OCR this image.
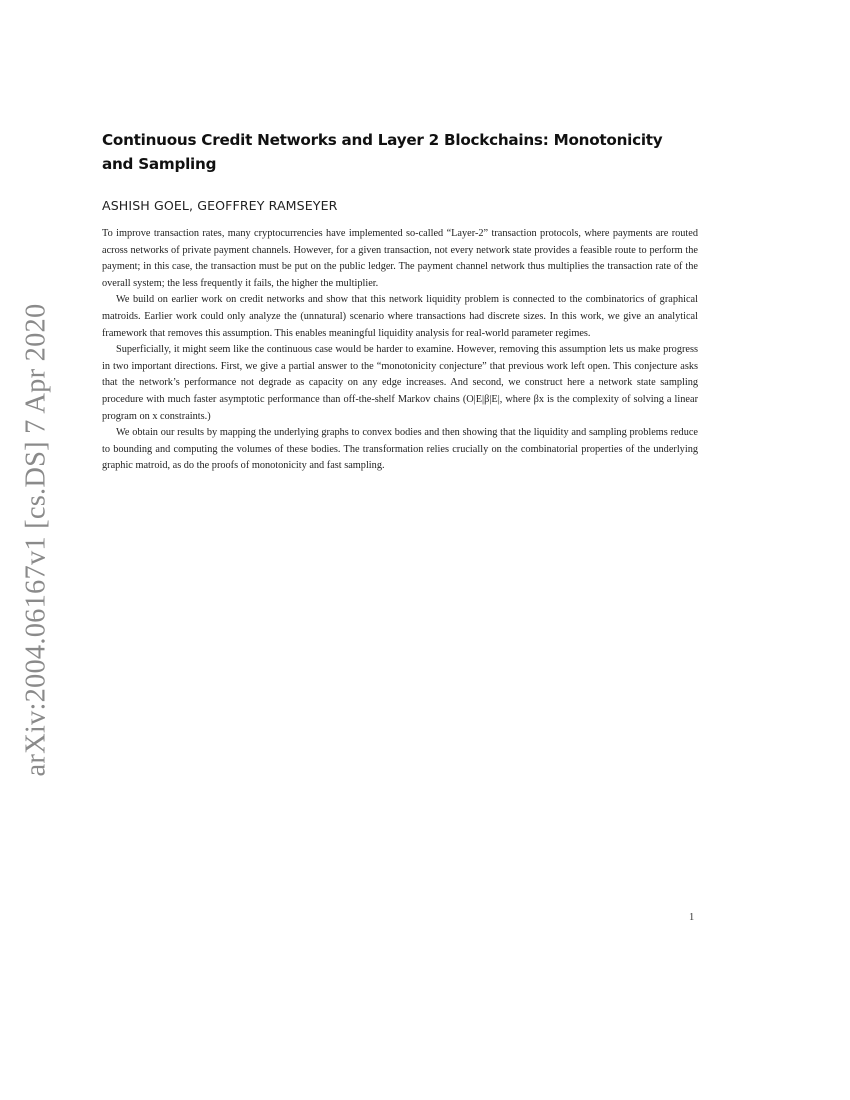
arXiv:2004.06167v1 [cs.DS] 7 Apr 2020
Continuous Credit Networks and Layer 2 Blockchains: Monotonicity and Sampling
ASHISH GOEL, GEOFFREY RAMSEYER

To improve transaction rates, many cryptocurrencies have implemented so-called “Layer-2” transaction protocols, where payments are routed across networks of private payment channels. However, for a given transaction, not every network state provides a feasible route to perform the payment; in this case, the transaction must be put on the public ledger. The payment channel network thus multiplies the transaction rate of the overall system; the less frequently it fails, the higher the multiplier.

We build on earlier work on credit networks and show that this network liquidity problem is connected to the combinatorics of graphical matroids. Earlier work could only analyze the (unnatural) scenario where transactions had discrete sizes. In this work, we give an analytical framework that removes this assumption. This enables meaningful liquidity analysis for real-world parameter regimes.

Superficially, it might seem like the continuous case would be harder to examine. However, removing this assumption lets us make progress in two important directions. First, we give a partial answer to the “monotonicity conjecture” that previous work left open. This conjecture asks that the network’s performance not degrade as capacity on any edge increases. And second, we construct here a network state sampling procedure with much faster asymptotic performance than off-the-shelf Markov chains (O|E|β|E|, where βx is the complexity of solving a linear program on x constraints.)

We obtain our results by mapping the underlying graphs to convex bodies and then showing that the liquidity and sampling problems reduce to bounding and computing the volumes of these bodies. The transformation relies crucially on the combinatorial properties of the underlying graphic matroid, as do the proofs of monotonicity and fast sampling.

1
